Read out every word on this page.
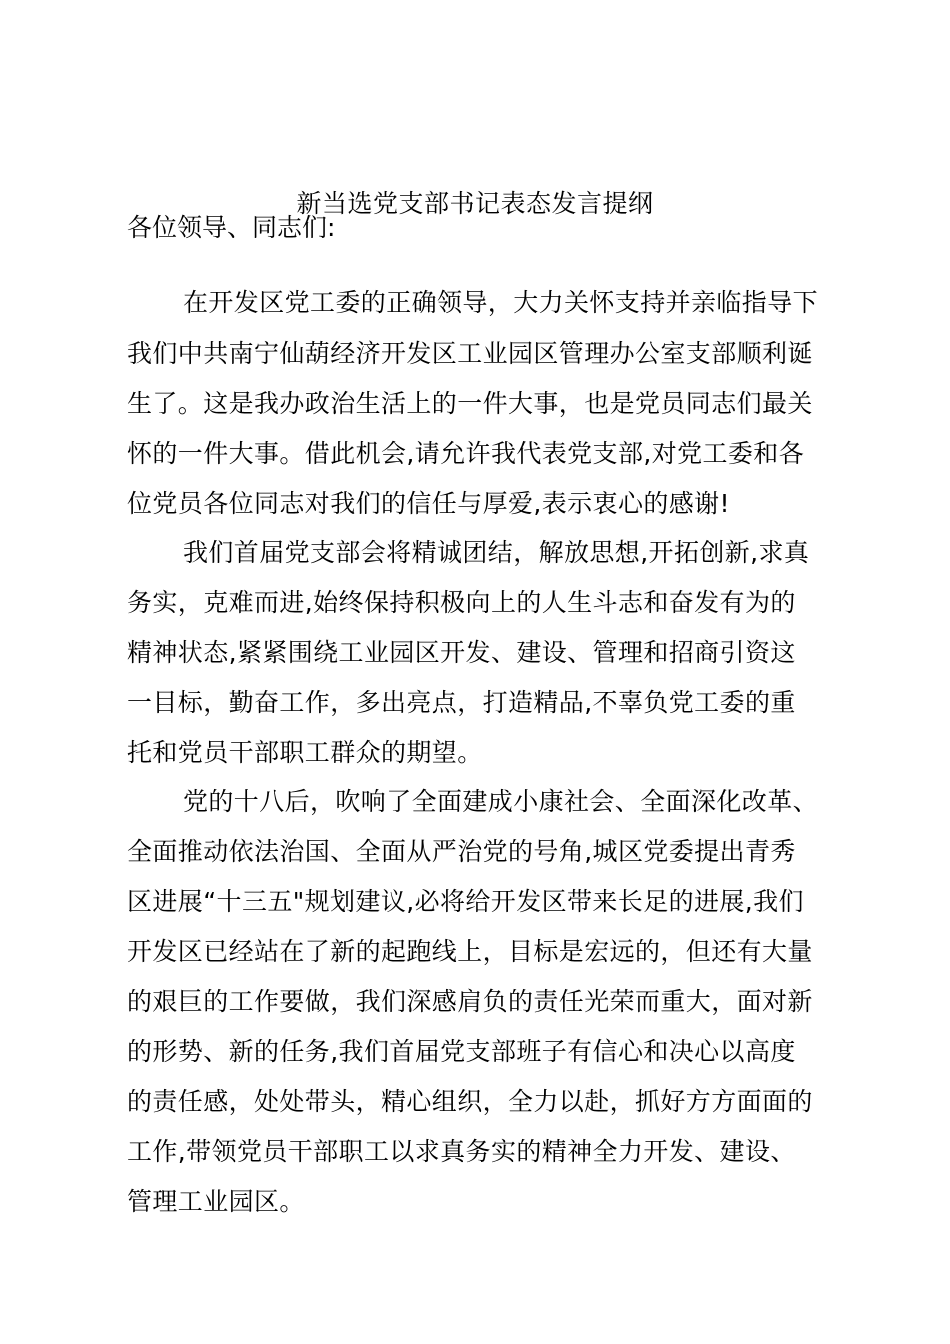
新当选党支部书记表态发言提纲
各位领导、同志们:
在开发区党工委的正确领导，大力关怀支持并亲临指导下
我们中共南宁仙葫经济开发区工业园区管理办公室支部顺利诞
生了。这是我办政治生活上的一件大事，也是党员同志们最关
怀的一件大事。借此机会,请允许我代表党支部,对党工委和各
位党员各位同志对我们的信任与厚爱,表示衷心的感谢!
我们首届党支部会将精诚团结，解放思想,开拓创新,求真
务实，克难而进,始终保持积极向上的人生斗志和奋发有为的
精神状态,紧紧围绕工业园区开发、建设、管理和招商引资这
一目标，勤奋工作，多出亮点，打造精品,不辜负党工委的重
托和党员干部职工群众的期望。
党的十八后，吹响了全面建成小康社会、全面深化改革、
全面推动依法治国、全面从严治党的号角,城区党委提出青秀
区进展“十三五"规划建议,必将给开发区带来长足的进展,我们
开发区已经站在了新的起跑线上，目标是宏远的，但还有大量
的艰巨的工作要做，我们深感肩负的责任光荣而重大，面对新
的形势、新的任务,我们首届党支部班子有信心和决心以高度
的责任感，处处带头，精心组织，全力以赴，抓好方方面面的
工作,带领党员干部职工以求真务实的精神全力开发、建设、
管理工业园区。
